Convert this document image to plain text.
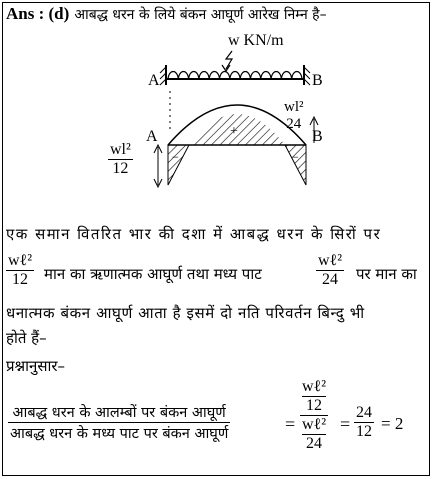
Ans : (d) आबद्ध धरन के लिये बंकन आघूर्ण आरेख निम्न है–
w KN/m
A	B
A	B
+
−	−
$\frac{\text{wl²}}{12}$
wl²
24
एक समान वितरित भार की दशा में आबद्ध धरन के सिरों पर
wℓ²
12	मान का ऋणात्मक आघूर्ण तथा मध्य पाट
wℓ²
24	पर मान का
धनात्मक बंकन आघूर्ण आता है इसमें दो नति परिवर्तन बिन्दु भी
होते हैं–
प्रश्नानुसार–
आबद्ध धरन के आलम्बों पर बंकन आघूर्ण
आबद्ध धरन के मध्य पाट पर बंकन आघूर्ण	=
wℓ²
12
wℓ²
24
= $\frac{24}{12} = 2$
